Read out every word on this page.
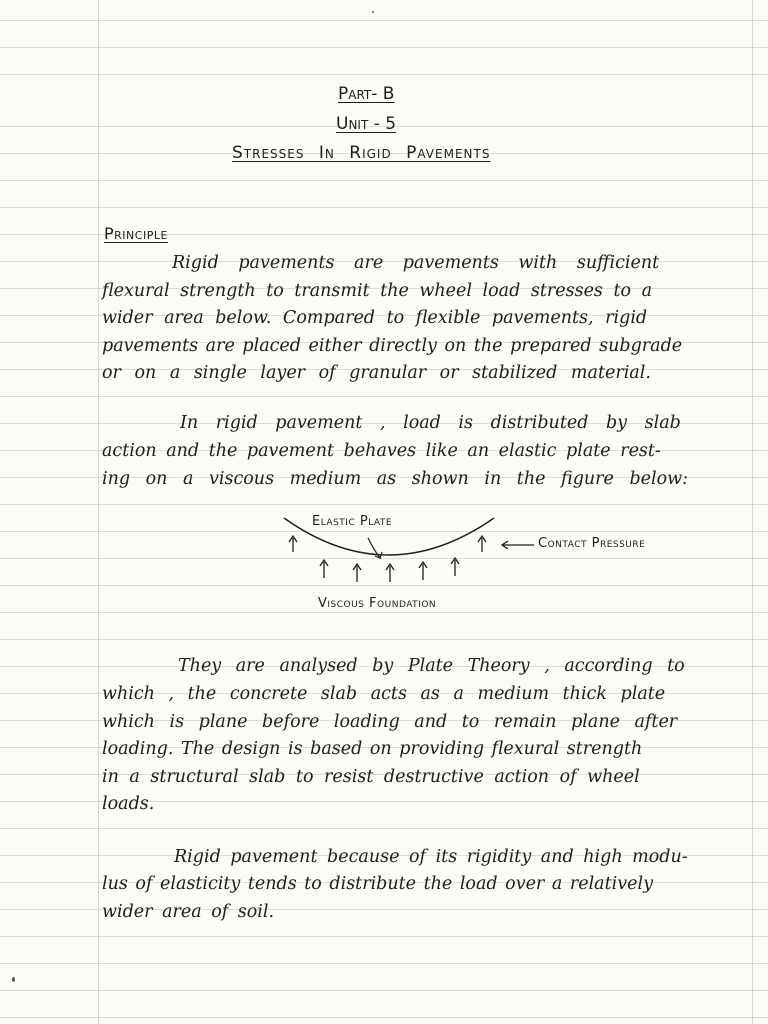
Part- B
Unit - 5
Stresses In Rigid Pavements
Principle
Rigid pavements are pavements with sufficient
flexural strength to transmit the wheel load stresses to a
wider area below. Compared to flexible pavements, rigid
pavements are placed either directly on the prepared subgrade
or on a single layer of granular or stabilized material.
In rigid pavement , load is distributed by slab
action and the pavement behaves like an elastic plate rest-
ing on a viscous medium as shown in the figure below:
Elastic Plate
Contact Pressure
Viscous Foundation
They are analysed by Plate Theory , according to
which , the concrete slab acts as a medium thick plate
which is plane before loading and to remain plane after
loading. The design is based on providing flexural strength
in a structural slab to resist destructive action of wheel
loads.
Rigid pavement because of its rigidity and high modu-
lus of elasticity tends to distribute the load over a relatively
wider area of soil.
